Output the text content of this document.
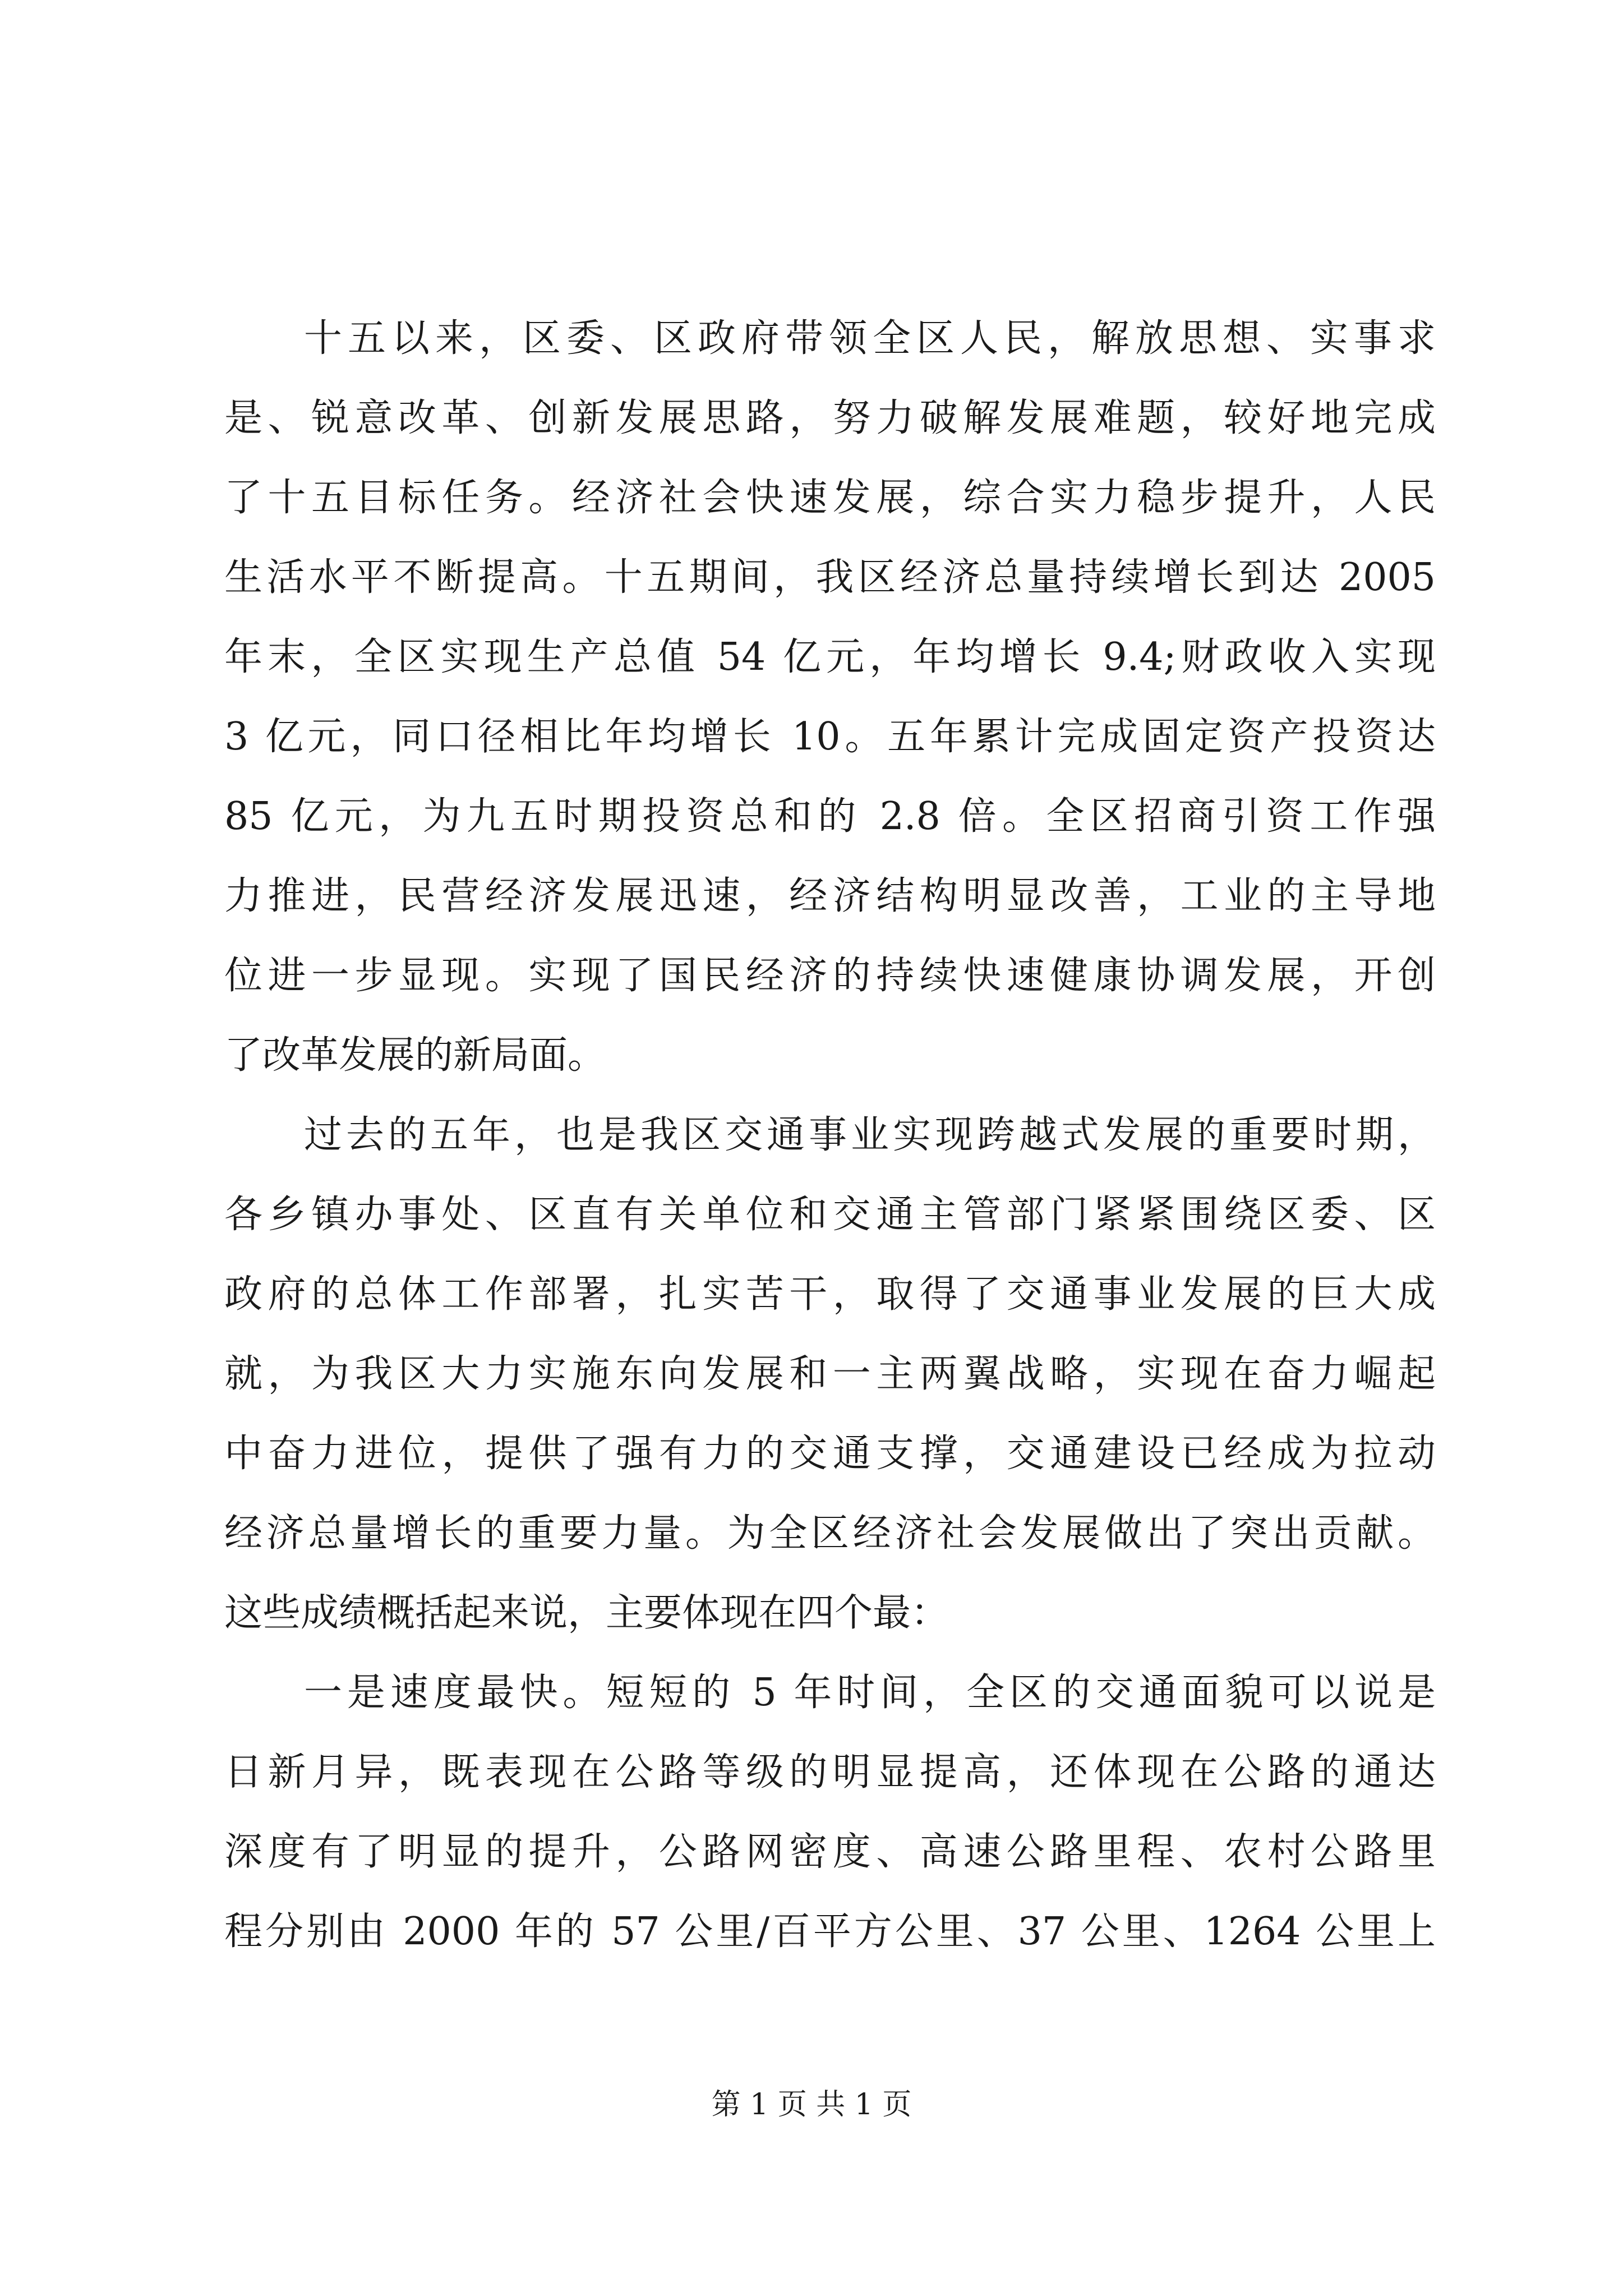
十五以来，区委、区政府带领全区人民，解放思想、实事求
是、锐意改革、创新发展思路，努力破解发展难题，较好地完成
了十五目标任务。经济社会快速发展，综合实力稳步提升，人民
生活水平不断提高。十五期间，我区经济总量持续增长到达 2005
年末，全区实现生产总值 54 亿元，年均增长 9.4;财政收入实现
3 亿元，同口径相比年均增长 10。五年累计完成固定资产投资达
85 亿元，为九五时期投资总和的 2.8 倍。全区招商引资工作强
力推进，民营经济发展迅速，经济结构明显改善，工业的主导地
位进一步显现。实现了国民经济的持续快速健康协调发展，开创
了改革发展的新局面。
过去的五年，也是我区交通事业实现跨越式发展的重要时期，
各乡镇办事处、区直有关单位和交通主管部门紧紧围绕区委、区
政府的总体工作部署，扎实苦干，取得了交通事业发展的巨大成
就，为我区大力实施东向发展和一主两翼战略，实现在奋力崛起
中奋力进位，提供了强有力的交通支撑，交通建设已经成为拉动
经济总量增长的重要力量。为全区经济社会发展做出了突出贡献。
这些成绩概括起来说，主要体现在四个最：
一是速度最快。短短的 5 年时间，全区的交通面貌可以说是
日新月异，既表现在公路等级的明显提高，还体现在公路的通达
深度有了明显的提升，公路网密度、高速公路里程、农村公路里
程分别由 2000 年的 57 公里/百平方公里、37 公里、1264 公里上
第 1 页 共 1 页
